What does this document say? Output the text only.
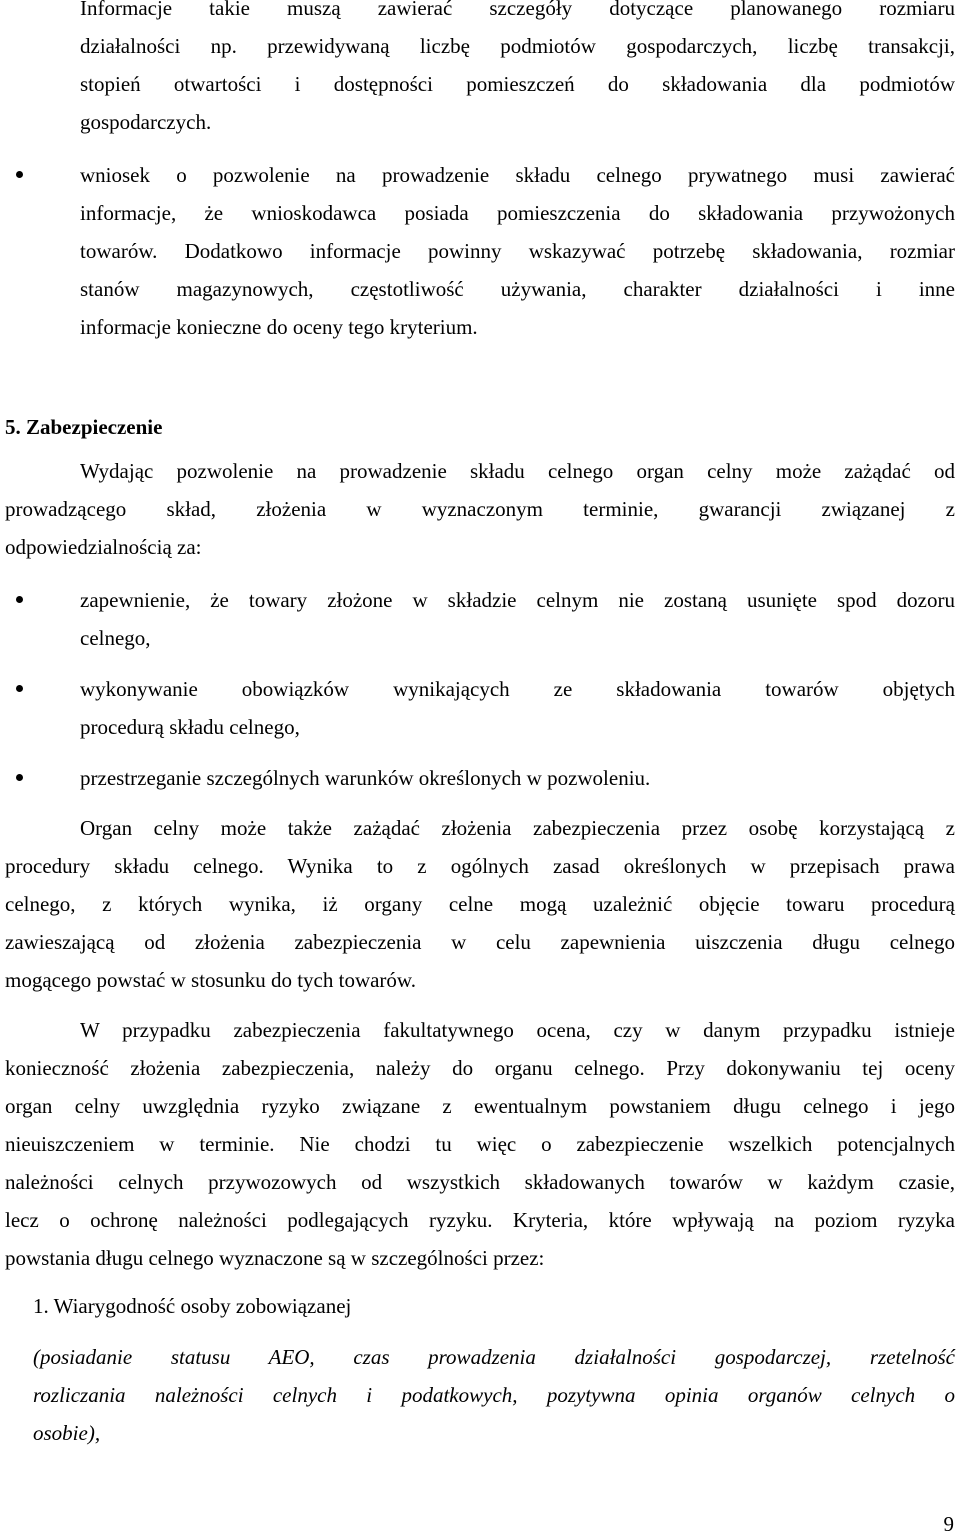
Informacje takie muszą zawierać szczegóły dotyczące planowanego rozmiaru
działalności np. przewidywaną liczbę podmiotów gospodarczych, liczbę transakcji,
stopień otwartości i dostępności pomieszczeń do składowania dla podmiotów
gospodarczych.
wniosek o pozwolenie na prowadzenie składu celnego prywatnego musi zawierać
informacje, że wnioskodawca posiada pomieszczenia do składowania przywożonych
towarów. Dodatkowo informacje powinny wskazywać potrzebę składowania, rozmiar
stanów magazynowych, częstotliwość używania, charakter działalności i inne
informacje konieczne do oceny tego kryterium.
5. Zabezpieczenie
Wydając pozwolenie na prowadzenie składu celnego organ celny może zażądać od
prowadzącego skład, złożenia w wyznaczonym terminie, gwarancji związanej z
odpowiedzialnością za:
zapewnienie, że towary złożone w składzie celnym nie zostaną usunięte spod dozoru
celnego,
wykonywanie obowiązków wynikających ze składowania towarów objętych
procedurą składu celnego,
przestrzeganie szczególnych warunków określonych w pozwoleniu.
Organ celny może także zażądać złożenia zabezpieczenia przez osobę korzystającą z
procedury składu celnego. Wynika to z ogólnych zasad określonych w przepisach prawa
celnego, z których wynika, iż organy celne mogą uzależnić objęcie towaru procedurą
zawieszającą od złożenia zabezpieczenia w celu zapewnienia uiszczenia długu celnego
mogącego powstać w stosunku do tych towarów.
W przypadku zabezpieczenia fakultatywnego ocena, czy w danym przypadku istnieje
konieczność złożenia zabezpieczenia, należy do organu celnego. Przy dokonywaniu tej oceny
organ celny uwzględnia ryzyko związane z ewentualnym powstaniem długu celnego i jego
nieuiszczeniem w terminie. Nie chodzi tu więc o zabezpieczenie wszelkich potencjalnych
należności celnych przywozowych od wszystkich składowanych towarów w każdym czasie,
lecz o ochronę należności podlegających ryzyku. Kryteria, które wpływają na poziom ryzyka
powstania długu celnego wyznaczone są w szczególności przez:
1. Wiarygodność osoby zobowiązanej
(posiadanie statusu AEO, czas prowadzenia działalności gospodarczej, rzetelność
rozliczania należności celnych i podatkowych, pozytywna opinia organów celnych o
osobie),
9
